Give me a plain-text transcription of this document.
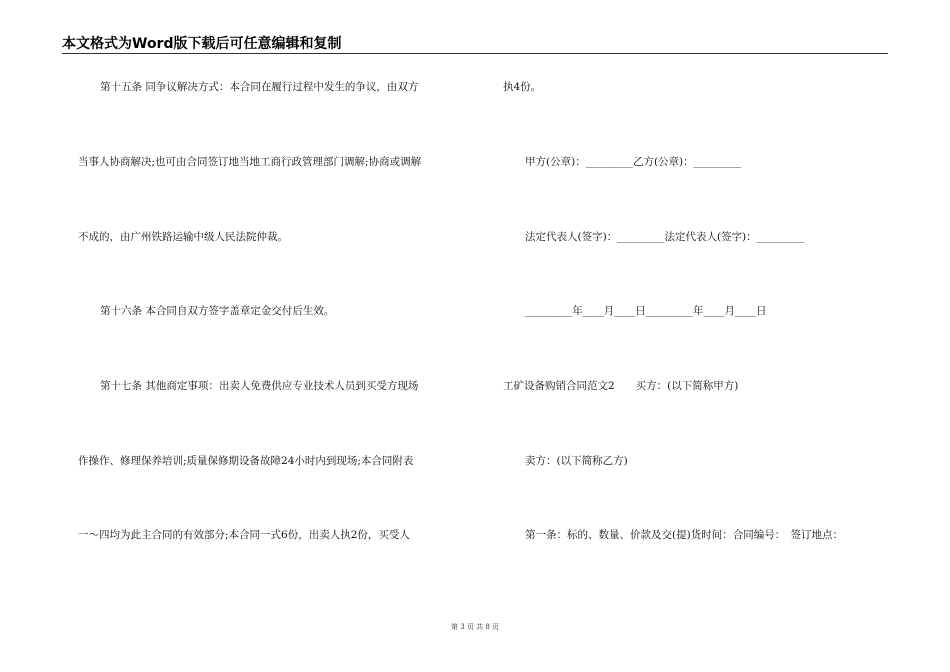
本文格式为Word版下载后可任意编辑和复制
第十五条 同争议解决方式：本合同在履行过程中发生的争议，由双方
当事人协商解决;也可由合同签订地当地工商行政管理部门调解;协商或调解
不成的，由广州铁路运输中级人民法院仲裁。
第十六条 本合同自双方签字盖章定金交付后生效。
第十七条 其他商定事项：出卖人免费供应专业技术人员到买受方现场
作操作、修理保养培训;质量保修期设备故障24小时内到现场;本合同附表
一～四均为此主合同的有效部分;本合同一式6份，出卖人执2份，买受人
执4份。
甲方(公章)：_________乙方(公章)：_________
法定代表人(签字)：_________法定代表人(签字)：_________
_________年____月____日_________年____月____日
工矿设备购销合同范文2　　买方：(以下简称甲方)
卖方：(以下简称乙方)
第一条：标的、数量、价款及交(提)货时间：合同编号：　签订地点：
第 3 页 共 8 页
